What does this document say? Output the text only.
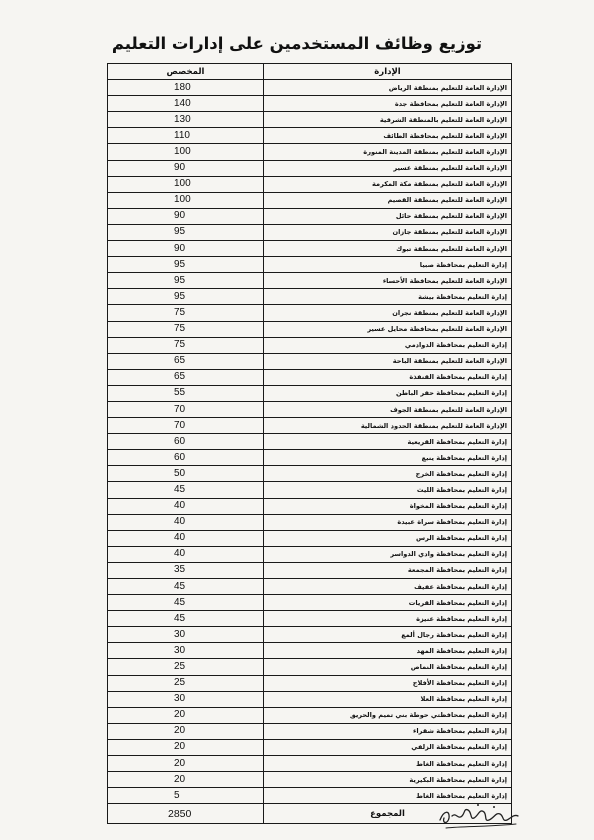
توزيع وظائف المستخدمين على إدارات التعليم
الإدارة	المخصص
الإدارة العامة للتعليم بمنطقة الرياض	180
الإدارة العامة للتعليم بمحافظة جدة	140
الإدارة العامة للتعليم بالمنطقة الشرقية	130
الإدارة العامة للتعليم بمحافظة الطائف	110
الإدارة العامة للتعليم بمنطقة المدينة المنورة	100
الإدارة العامة للتعليم بمنطقة عسير	90
الإدارة العامة للتعليم بمنطقة مكة المكرمة	100
الإدارة العامة للتعليم بمنطقة القصيم	100
الإدارة العامة للتعليم بمنطقة حائل	90
الإدارة العامة للتعليم بمنطقة جازان	95
الإدارة العامة للتعليم بمنطقة تبوك	90
إدارة التعليم بمحافظة صبيا	95
الإدارة العامة للتعليم بمحافظة الأحساء	95
إدارة التعليم بمحافظة بيشة	95
الإدارة العامة للتعليم بمنطقة نجران	75
الإدارة العامة للتعليم بمحافظة محايل عسير	75
إدارة التعليم بمحافظة الدوادمي	75
الإدارة العامة للتعليم بمنطقة الباحة	65
إدارة التعليم بمحافظة القنفذة	65
إدارة التعليم بمحافظة حفر الباطن	55
الإدارة العامة للتعليم بمنطقة الجوف	70
الإدارة العامة للتعليم بمنطقة الحدود الشمالية	70
إدارة التعليم بمحافظة القريعية	60
إدارة التعليم بمحافظة ينبع	60
إدارة التعليم بمحافظة الخرج	50
إدارة التعليم بمحافظة الليث	45
إدارة التعليم بمحافظة المخواة	40
إدارة التعليم بمحافظة سراة عبيدة	40
إدارة التعليم بمحافظة الرس	40
إدارة التعليم بمحافظة وادي الدواسر	40
إدارة التعليم بمحافظة المجمعة	35
إدارة التعليم بمحافظة عفيف	45
إدارة التعليم بمحافظة القريات	45
إدارة التعليم بمحافظة عنيزة	45
إدارة التعليم بمحافظة رجال ألمع	30
إدارة التعليم بمحافظة المهد	30
إدارة التعليم بمحافظة النماص	25
إدارة التعليم بمحافظة الأفلاج	25
إدارة التعليم بمحافظة العلا	30
إدارة التعليم بمحافظتي حوطة بني تميم والحريق	20
إدارة التعليم بمحافظة شقراء	20
إدارة التعليم بمحافظة الزلفي	20
إدارة التعليم بمحافظة الغاط	20
إدارة التعليم بمحافظة البكيرية	20
إدارة التعليم بمحافظة الغاط	5
المجموع	2850
